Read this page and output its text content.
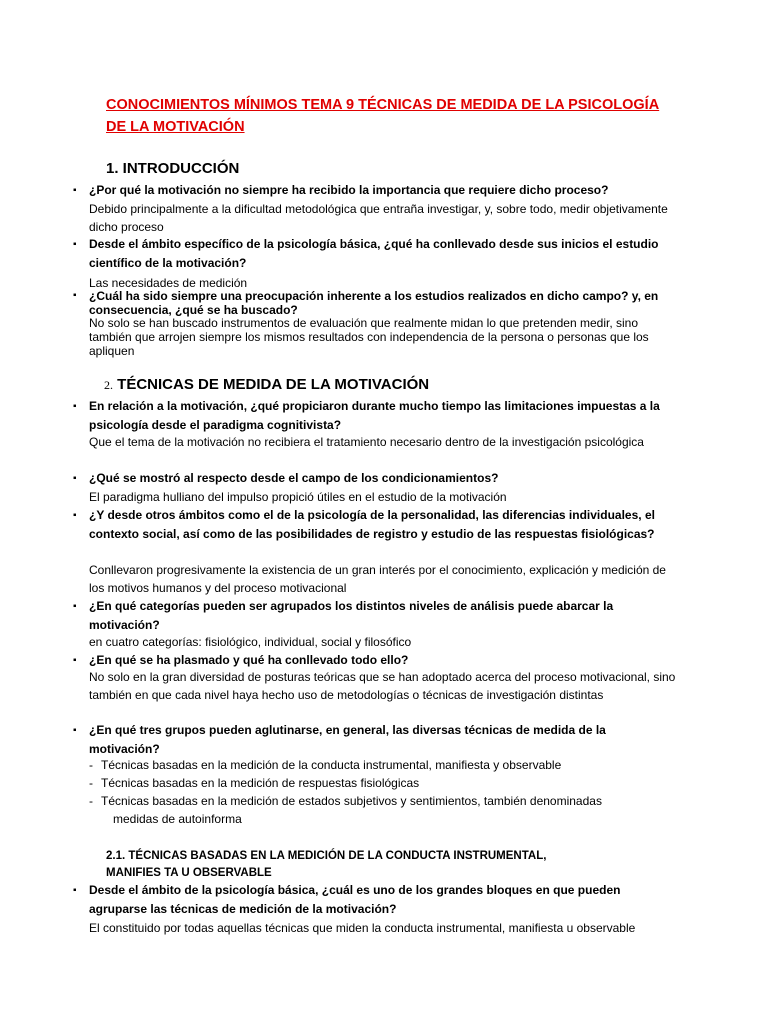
CONOCIMIENTOS MÍNIMOS TEMA 9 TÉCNICAS DE MEDIDA DE LA PSICOLOGÍA DE LA MOTIVACIÓN
1. INTRODUCCIÓN
▪ ¿Por qué la motivación no siempre ha recibido la importancia que requiere dicho proceso?
Debido principalmente a la dificultad metodológica que entraña investigar, y, sobre todo, medir objetivamente dicho proceso
▪ Desde el ámbito específico de la psicología básica, ¿qué ha conllevado desde sus inicios el estudio científico de la motivación?
Las necesidades de medición
▪ ¿Cuál ha sido siempre una preocupación inherente a los estudios realizados en dicho campo? y, en consecuencia, ¿qué se ha buscado?
No solo se han buscado instrumentos de evaluación que realmente midan lo que pretenden medir, sino también que arrojen siempre los mismos resultados con independencia de la persona o personas que los apliquen
2. TÉCNICAS DE MEDIDA DE LA MOTIVACIÓN
▪ En relación a la motivación, ¿qué propiciaron durante mucho tiempo las limitaciones impuestas a la psicología desde el paradigma cognitivista?
Que el tema de la motivación no recibiera el tratamiento necesario dentro de la investigación psicológica
▪ ¿Qué se mostró al respecto desde el campo de los condicionamientos?
El paradigma hulliano del impulso propició útiles en el estudio de la motivación
▪ ¿Y desde otros ámbitos como el de la psicología de la personalidad, las diferencias individuales, el contexto social, así como de las posibilidades de registro y estudio de las respuestas fisiológicas?
Conllevaron progresivamente la existencia de un gran interés por el conocimiento, explicación y medición de los motivos humanos y del proceso motivacional
▪ ¿En qué categorías pueden ser agrupados los distintos niveles de análisis puede abarcar la motivación?
en cuatro categorías: fisiológico, individual, social y filosófico
▪ ¿En qué se ha plasmado y qué ha conllevado todo ello?
No solo en la gran diversidad de posturas teóricas que se han adoptado acerca del proceso motivacional, sino también en que cada nivel haya hecho uso de metodologías o técnicas de investigación distintas
▪ ¿En qué tres grupos pueden aglutinarse, en general, las diversas técnicas de medida de la motivación?
- Técnicas basadas en la medición de la conducta instrumental, manifiesta y observable
- Técnicas basadas en la medición de respuestas fisiológicas
- Técnicas basadas en la medición de estados subjetivos y sentimientos, también denominadas
medidas de autoinforma
2.1. TÉCNICAS BASADAS EN LA MEDICIÓN DE LA CONDUCTA INSTRUMENTAL,
MANIFIES TA U OBSERVABLE
▪ Desde el ámbito de la psicología básica, ¿cuál es uno de los grandes bloques en que pueden agruparse las técnicas de medición de la motivación?
El constituido por todas aquellas técnicas que miden la conducta instrumental, manifiesta u observable
